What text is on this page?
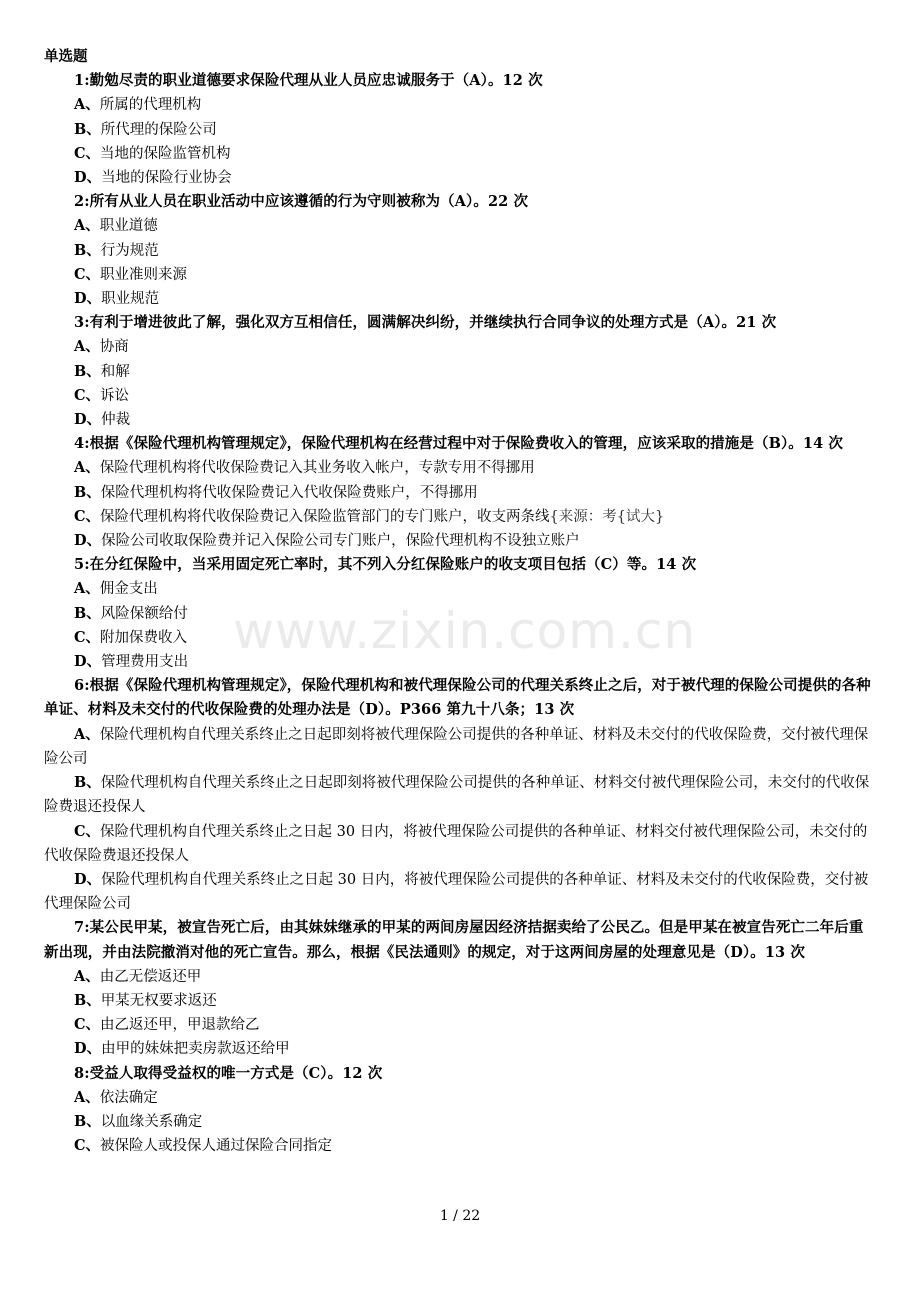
单选题
1:勤勉尽责的职业道德要求保险代理从业人员应忠诚服务于（A）。12 次
A、所属的代理机构
B、所代理的保险公司
C、当地的保险监管机构
D、当地的保险行业协会
2:所有从业人员在职业活动中应该遵循的行为守则被称为（A）。22 次
A、职业道德
B、行为规范
C、职业准则来源
D、职业规范
3:有利于增进彼此了解，强化双方互相信任，圆满解决纠纷，并继续执行合同争议的处理方式是（A）。21 次
A、协商
B、和解
C、诉讼
D、仲裁
4:根据《保险代理机构管理规定》，保险代理机构在经营过程中对于保险费收入的管理，应该采取的措施是（B）。14 次
A、保险代理机构将代收保险费记入其业务收入帐户，专款专用不得挪用
B、保险代理机构将代收保险费记入代收保险费账户，不得挪用
C、保险代理机构将代收保险费记入保险监管部门的专门账户，收支两条线{来源：考{试大}
D、保险公司收取保险费并记入保险公司专门账户，保险代理机构不设独立账户
5:在分红保险中，当采用固定死亡率时，其不列入分红保险账户的收支项目包括（C）等。14 次
A、佣金支出
B、风险保额给付
C、附加保费收入
D、管理费用支出
6:根据《保险代理机构管理规定》，保险代理机构和被代理保险公司的代理关系终止之后，对于被代理的保险公司提供的各种单证、材料及未交付的代收保险费的处理办法是（D）。P366 第九十八条；13 次
A、保险代理机构自代理关系终止之日起即刻将被代理保险公司提供的各种单证、材料及未交付的代收保险费，交付被代理保险公司
B、保险代理机构自代理关系终止之日起即刻将被代理保险公司提供的各种单证、材料交付被代理保险公司，未交付的代收保险费退还投保人
C、保险代理机构自代理关系终止之日起 30 日内，将被代理保险公司提供的各种单证、材料交付被代理保险公司，未交付的代收保险费退还投保人
D、保险代理机构自代理关系终止之日起 30 日内，将被代理保险公司提供的各种单证、材料及未交付的代收保险费，交付被代理保险公司
7:某公民甲某，被宣告死亡后，由其妹妹继承的甲某的两间房屋因经济拮据卖给了公民乙。但是甲某在被宣告死亡二年后重新出现，并由法院撤消对他的死亡宣告。那么，根据《民法通则》的规定，对于这两间房屋的处理意见是（D）。13 次
A、由乙无偿返还甲
B、甲某无权要求返还
C、由乙返还甲，甲退款给乙
D、由甲的妹妹把卖房款返还给甲
8:受益人取得受益权的唯一方式是（C）。12 次
A、依法确定
B、以血缘关系确定
C、被保险人或投保人通过保险合同指定
www.zixin.com.cn
1 / 22
